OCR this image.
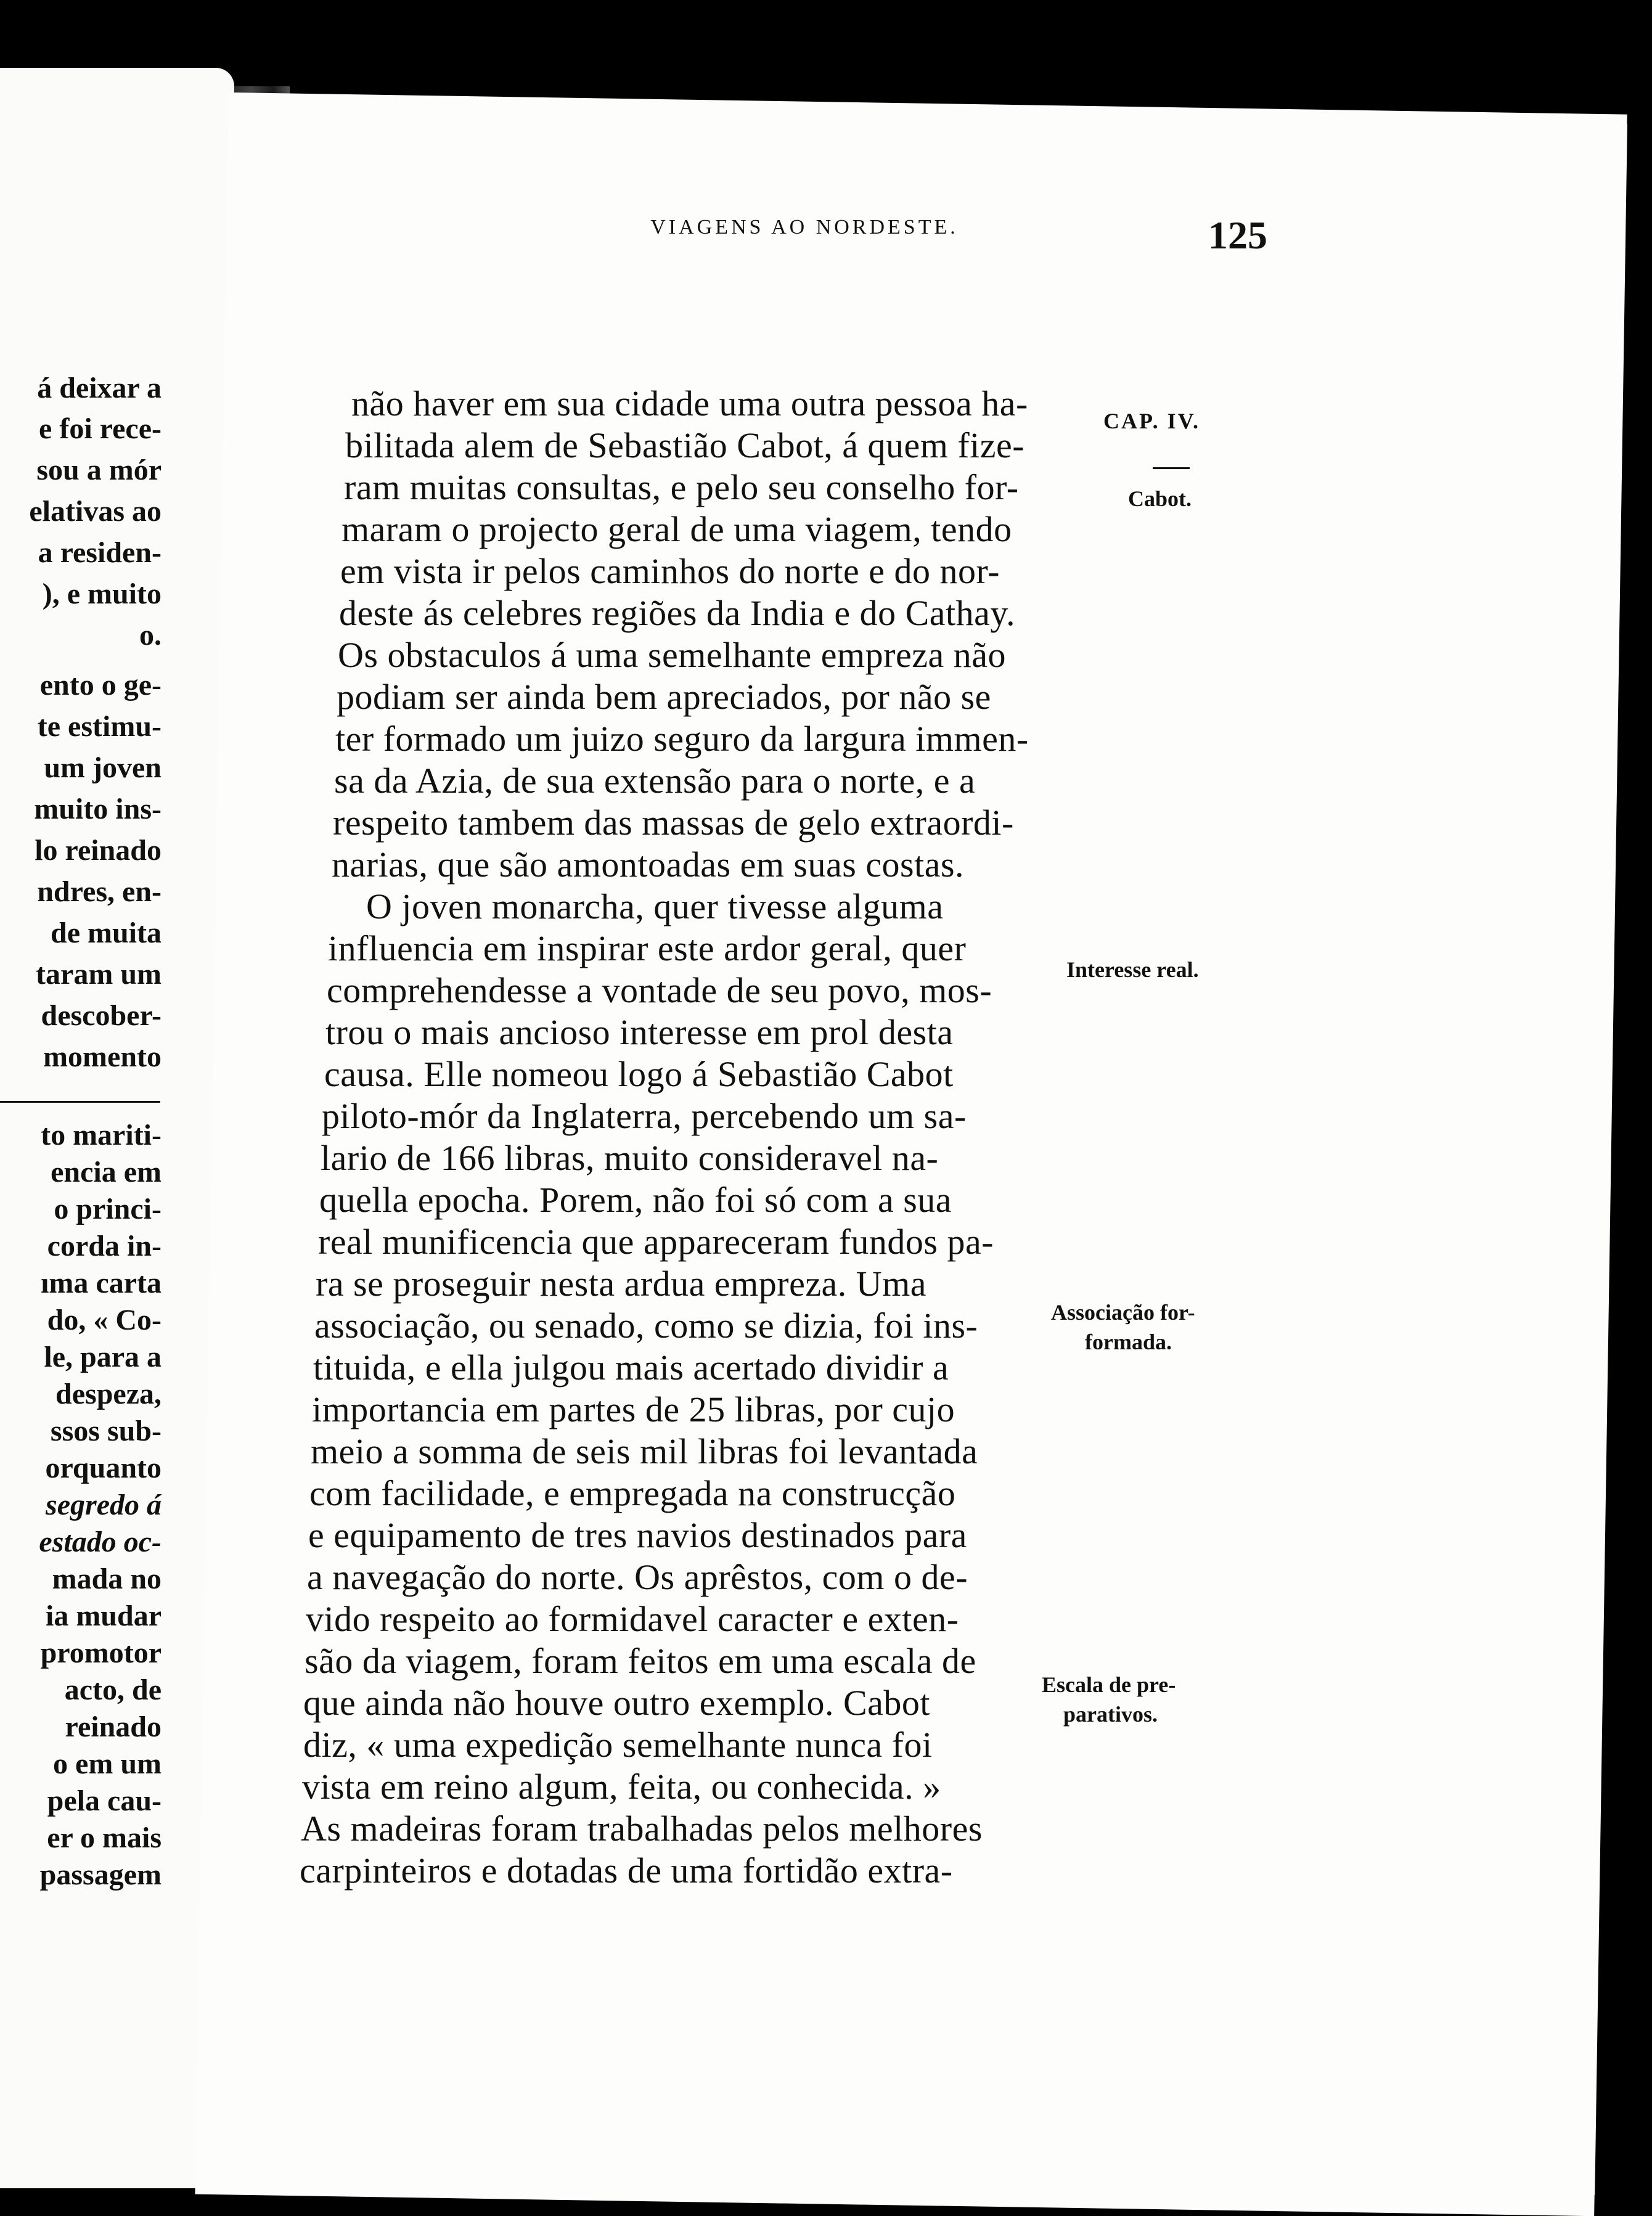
á deixar a
e foi rece-
sou a mór
elativas ao
a residen-
), e muito
o.
ento o ge-
te estimu-
um joven
muito ins-
lo reinado
ndres, en-
de muita
taram um
descober-
momento
to mariti-
encia em
o princi-
corda in-
ıma carta
do, « Co-
le, para a
despeza,
ssos sub-
orquanto
segredo á
estado oc-
mada no
ia mudar
promotor
acto, de
reinado
o em um
pela cau-
er o mais
passagem
VIAGENS AO NORDESTE.	125
não haver em sua cidade uma outra pessoa ha-
bilitada alem de Sebastião Cabot, á quem fize-
ram muitas consultas, e pelo seu conselho for-
maram o projecto geral de uma viagem, tendo
em vista ir pelos caminhos do norte e do nor-
deste ás celebres regiões da India e do Cathay.
Os obstaculos á uma semelhante empreza não
podiam ser ainda bem apreciados, por não se
ter formado um juizo seguro da largura immen-
sa da Azia, de sua extensão para o norte, e a
respeito tambem das massas de gelo extraordi-
narias, que são amontoadas em suas costas.
O joven monarcha, quer tivesse alguma
influencia em inspirar este ardor geral, quer
comprehendesse a vontade de seu povo, mos-
trou o mais ancioso interesse em prol desta
causa. Elle nomeou logo á Sebastião Cabot
piloto-mór da Inglaterra, percebendo um sa-
lario de 166 libras, muito consideravel na-
quella epocha. Porem, não foi só com a sua
real munificencia que appareceram fundos pa-
ra se proseguir nesta ardua empreza. Uma
associação, ou senado, como se dizia, foi ins-
tituida, e ella julgou mais acertado dividir a
importancia em partes de 25 libras, por cujo
meio a somma de seis mil libras foi levantada
com facilidade, e empregada na construcção
e equipamento de tres navios destinados para
a navegação do norte. Os aprêstos, com o de-
vido respeito ao formidavel caracter e exten-
são da viagem, foram feitos em uma escala de
que ainda não houve outro exemplo. Cabot
diz, « uma expedição semelhante nunca foi
vista em reino algum, feita, ou conhecida. »
As madeiras foram trabalhadas pelos melhores
carpinteiros e dotadas de uma fortidão extra-
CAP. IV.
Cabot.
Interesse real.
Associação for-
formada.
Escala de pre-
parativos.
